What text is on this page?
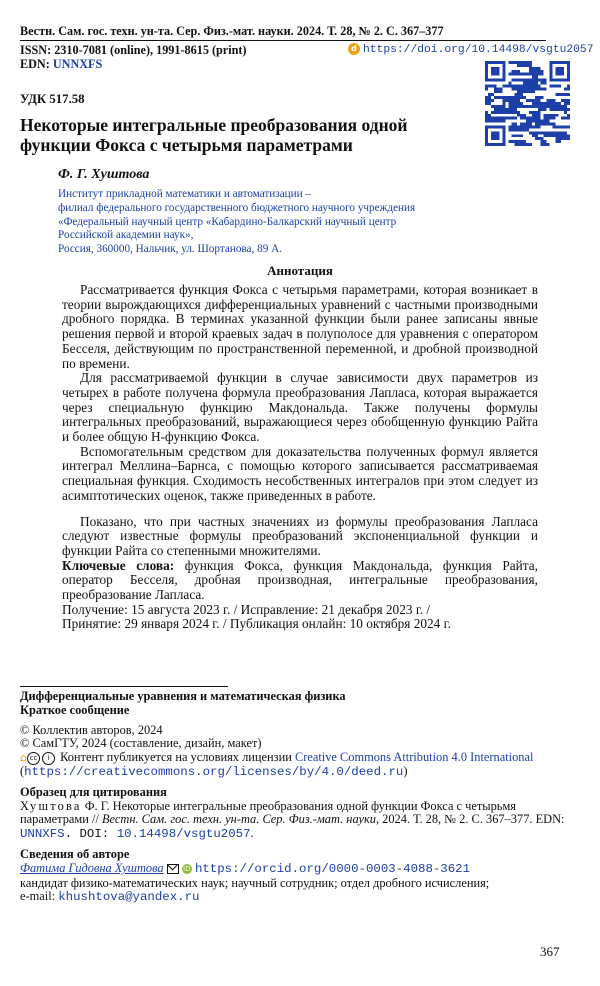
Вестн. Сам. гос. техн. ун-та. Сер. Физ.-мат. науки. 2024. Т. 28, № 2. С. 367–377
ISSN: 2310-7081 (online), 1991-8615 (print)
EDN: UNNXFS
d https://doi.org/10.14498/vsgtu2057
УДК 517.58
Некоторые интегральные преобразования одной функции Фокса с четырьмя параметрами
Ф. Г. Хуштова
Институт прикладной математики и автоматизации –
филиал федерального государственного бюджетного научного учреждения
«Федеральный научный центр «Кабардино-Балкарский научный центр
Российской академии наук»,
Россия, 360000, Нальчик, ул. Шортанова, 89 А.
Аннотация

Рассматривается функция Фокса с четырьмя параметрами, которая возникает в теории вырождающихся дифференциальных уравнений с частными производными дробного порядка. В терминах указанной функции были ранее записаны явные решения первой и второй краевых задач в полуполосе для уравнения с оператором Бесселя, действующим по пространственной переменной, и дробной производной по времени.

Для рассматриваемой функции в случае зависимости двух параметров из четырех в работе получена формула преобразования Лапласа, которая выражается через специальную функцию Макдональда. Также получены формулы интегральных преобразований, выражающиеся через обобщенную функцию Райта и более общую H-функцию Фокса.

Вспомогательным средством для доказательства полученных формул является интеграл Меллина–Барнса, с помощью которого записывается рассматриваемая специальная функция. Сходимость несобственных интегралов при этом следует из асимптотических оценок, также приведенных в работе.

Показано, что при частных значениях из формулы преобразования Лапласа следуют известные формулы преобразований экспоненциальной функции и функции Райта со степенными множителями.

Ключевые слова: функция Фокса, функция Макдональда, функция Райта, оператор Бесселя, дробная производная, интегральные преобразования, преобразование Лапласа.

Получение: 15 августа 2023 г. / Исправление: 21 декабря 2023 г. /
Принятие: 29 января 2024 г. / Публикация онлайн: 10 октября 2024 г.

Дифференциальные уравнения и математическая физика
Краткое сообщение
© Коллектив авторов, 2024
© СамГТУ, 2024 (составление, дизайн, макет)
⌂ cc i Контент публикуется на условиях лицензии Creative Commons Attribution 4.0 International (https://creativecommons.org/licenses/by/4.0/deed.ru)
Образец для цитирования
Хуштова Ф. Г. Некоторые интегральные преобразования одной функции Фокса с четырьмя параметрами // Вестн. Сам. гос. техн. ун-та. Сер. Физ.-мат. науки, 2024. Т. 28, № 2. С. 367–377. EDN: UNNXFS. DOI: 10.14498/vsgtu2057.
Сведения об авторе
Фатима Гидовна Хуштова	iD https://orcid.org/0000-0003-4088-3621
кандидат физико-математических наук; научный сотрудник; отдел дробного исчисления;
e-mail: khushtova@yandex.ru
367
